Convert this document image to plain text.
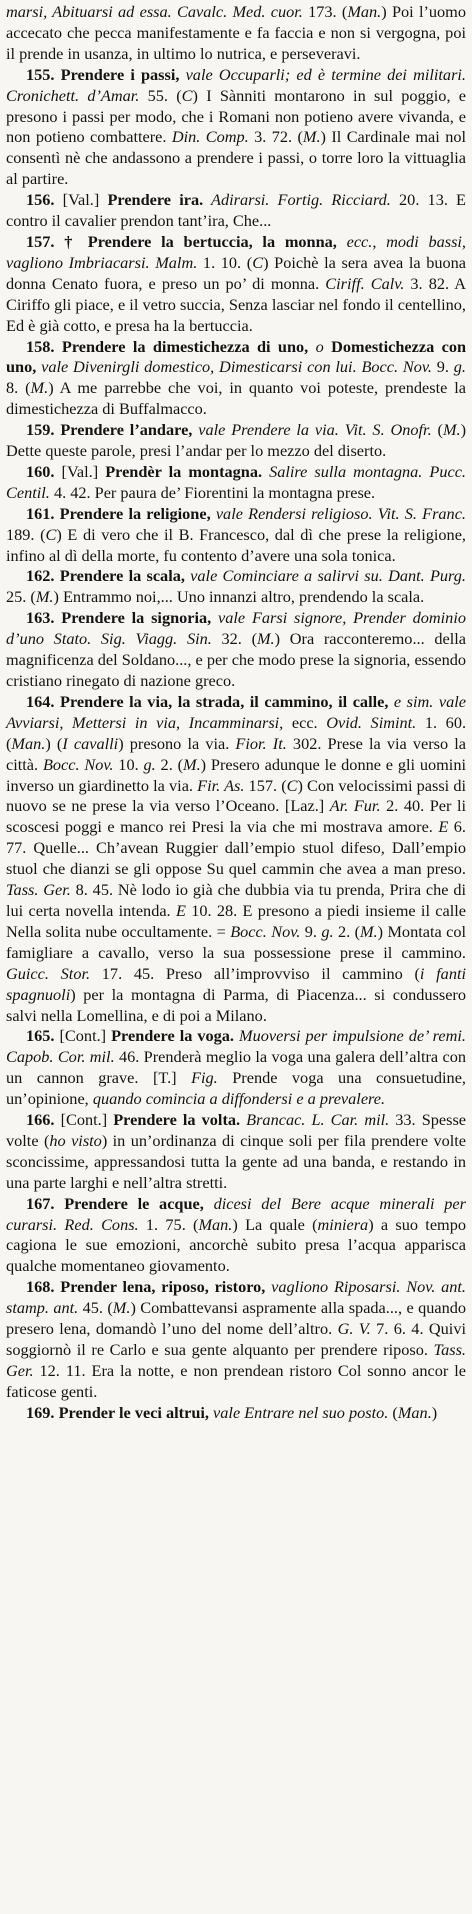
marsi, Abituarsi ad essa. Cavalc. Med. cuor. 173. (Man.) Poi l’uomo accecato che pecca manifestamente e fa faccia e non si vergogna, poi il prende in usanza, in ultimo lo nutrica, e perseveravi.

155. Prendere i passi, vale Occuparli; ed è termine dei militari. Cronichett. d’Amar. 55. (C) I Sànniti montarono in sul poggio, e presono i passi per modo, che i Romani non potieno avere vivanda, e non potieno combattere. Din. Comp. 3. 72. (M.) Il Cardinale mai nol consentì nè che andassono a prendere i passi, o torre loro la vittuaglia al partire.

156. [Val.] Prendere ira. Adirarsi. Fortig. Ricciard. 20. 13. E contro il cavalier prendon tant’ira, Che...

157. † Prendere la bertuccia, la monna, ecc., modi bassi, vagliono Imbriacarsi. Malm. 1. 10. (C) Poichè la sera avea la buona donna Cenato fuora, e preso un po’ di monna. Ciriff. Calv. 3. 82. A Ciriffo gli piace, e il vetro succia, Senza lasciar nel fondo il centellino, Ed è già cotto, e presa ha la bertuccia.

158. Prendere la dimestichezza di uno, o Domestichezza con uno, vale Divenirgli domestico, Dimesticarsi con lui. Bocc. Nov. 9. g. 8. (M.) A me parrebbe che voi, in quanto voi poteste, prendeste la dimestichezza di Buffalmacco.

159. Prendere l’andare, vale Prendere la via. Vit. S. Onofr. (M.) Dette queste parole, presi l’andar per lo mezzo del diserto.

160. [Val.] Prendèr la montagna. Salire sulla montagna. Pucc. Centil. 4. 42. Per paura de’ Fiorentini la montagna prese.

161. Prendere la religione, vale Rendersi religioso. Vit. S. Franc. 189. (C) E di vero che il B. Francesco, dal dì che prese la religione, infino al dì della morte, fu contento d’avere una sola tonica.

162. Prendere la scala, vale Cominciare a salirvi su. Dant. Purg. 25. (M.) Entrammo noi,... Uno innanzi altro, prendendo la scala.

163. Prendere la signoria, vale Farsi signore, Prender dominio d’uno Stato. Sig. Viagg. Sin. 32. (M.) Ora racconteremo... della magnificenza del Soldano..., e per che modo prese la signoria, essendo cristiano rinegato di nazione greco.

164. Prendere la via, la strada, il cammino, il calle, e sim. vale Avviarsi, Mettersi in via, Incamminarsi, ecc. Ovid. Simint. 1. 60. (Man.) (I cavalli) presono la via. Fior. It. 302. Prese la via verso la città. Bocc. Nov. 10. g. 2. (M.) Presero adunque le donne e gli uomini inverso un giardinetto la via. Fir. As. 157. (C) Con velocissimi passi di nuovo se ne prese la via verso l’Oceano. [Laz.] Ar. Fur. 2. 40. Per li scoscesi poggi e manco rei Presi la via che mi mostrava amore. E 6. 77. Quelle... Ch’avean Ruggier dall’empio stuol difeso, Dall’empio stuol che dianzi se gli oppose Su quel cammin che avea a man preso. Tass. Ger. 8. 45. Nè lodo io già che dubbia via tu prenda, Prira che di lui certa novella intenda. E 10. 28. E presono a piedi insieme il calle Nella solita nube occultamente. = Bocc. Nov. 9. g. 2. (M.) Montata col famigliare a cavallo, verso la sua possessione prese il cammino. Guicc. Stor. 17. 45. Preso all’improvviso il cammino (i fanti spagnuoli) per la montagna di Parma, di Piacenza... si condussero salvi nella Lomellina, e di poi a Milano.

165. [Cont.] Prendere la voga. Muoversi per impulsione de’ remi. Capob. Cor. mil. 46. Prenderà meglio la voga una galera dell’altra con un cannon grave. [T.] Fig. Prende voga una consuetudine, un’opinione, quando comincia a diffondersi e a prevalere.

166. [Cont.] Prendere la volta. Brancac. L. Car. mil. 33. Spesse volte (ho visto) in un’ordinanza di cinque soli per fila prendere volte sconcissime, appressandosi tutta la gente ad una banda, e restando in una parte larghi e nell’altra stretti.

167. Prendere le acque, dicesi del Bere acque minerali per curarsi. Red. Cons. 1. 75. (Man.) La quale (miniera) a suo tempo cagiona le sue emozioni, ancorchè subito presa l’acqua apparisca qualche momentaneo giovamento.

168. Prender lena, riposo, ristoro, vagliono Riposarsi. Nov. ant. stamp. ant. 45. (M.) Combattevansi aspramente alla spada..., e quando presero lena, domandò l’uno del nome dell’altro. G. V. 7. 6. 4. Quivi soggiornò il re Carlo e sua gente alquanto per prendere riposo. Tass. Ger. 12. 11. Era la notte, e non prendean ristoro Col sonno ancor le faticose genti.

169. Prender le veci altrui, vale Entrare nel suo posto. (Man.)
